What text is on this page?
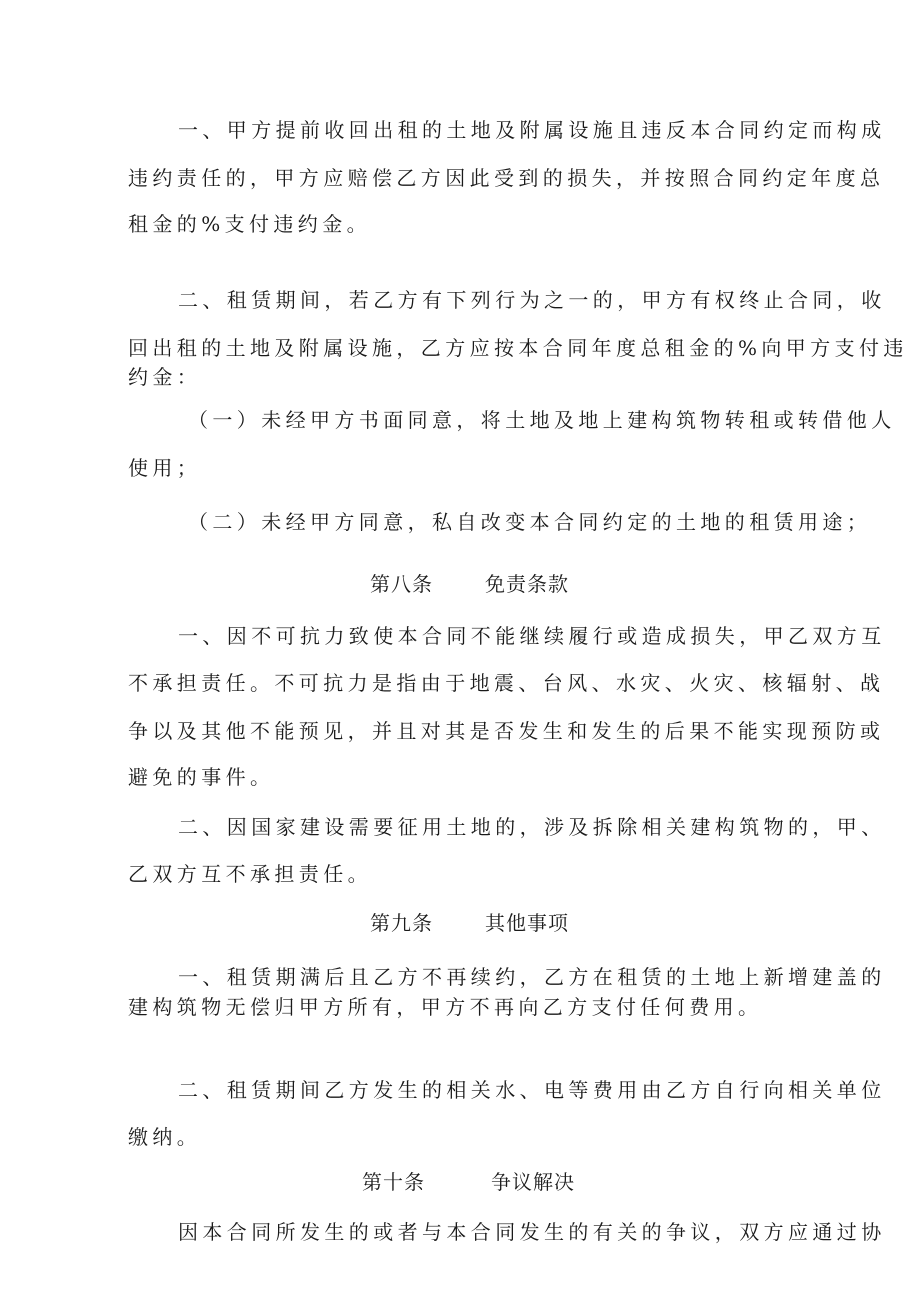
一、甲方提前收回出租的土地及附属设施且违反本合同约定而构成
违约责任的，甲方应赔偿乙方因此受到的损失，并按照合同约定年度总
租金的%支付违约金。
二、租赁期间，若乙方有下列行为之一的，甲方有权终止合同，收
回出租的土地及附属设施，乙方应按本合同年度总租金的%向甲方支付违
约金：
（一）未经甲方书面同意，将土地及地上建构筑物转租或转借他人
使用；
（二）未经甲方同意，私自改变本合同约定的土地的租赁用途；
第八条	免责条款
一、因不可抗力致使本合同不能继续履行或造成损失，甲乙双方互
不承担责任。不可抗力是指由于地震、台风、水灾、火灾、核辐射、战
争以及其他不能预见，并且对其是否发生和发生的后果不能实现预防或
避免的事件。
二、因国家建设需要征用土地的，涉及拆除相关建构筑物的，甲、
乙双方互不承担责任。
第九条	其他事项
一、租赁期满后且乙方不再续约，乙方在租赁的土地上新增建盖的
建构筑物无偿归甲方所有，甲方不再向乙方支付任何费用。
二、租赁期间乙方发生的相关水、电等费用由乙方自行向相关单位
缴纳。
第十条	争议解决
因本合同所发生的或者与本合同发生的有关的争议，双方应通过协
